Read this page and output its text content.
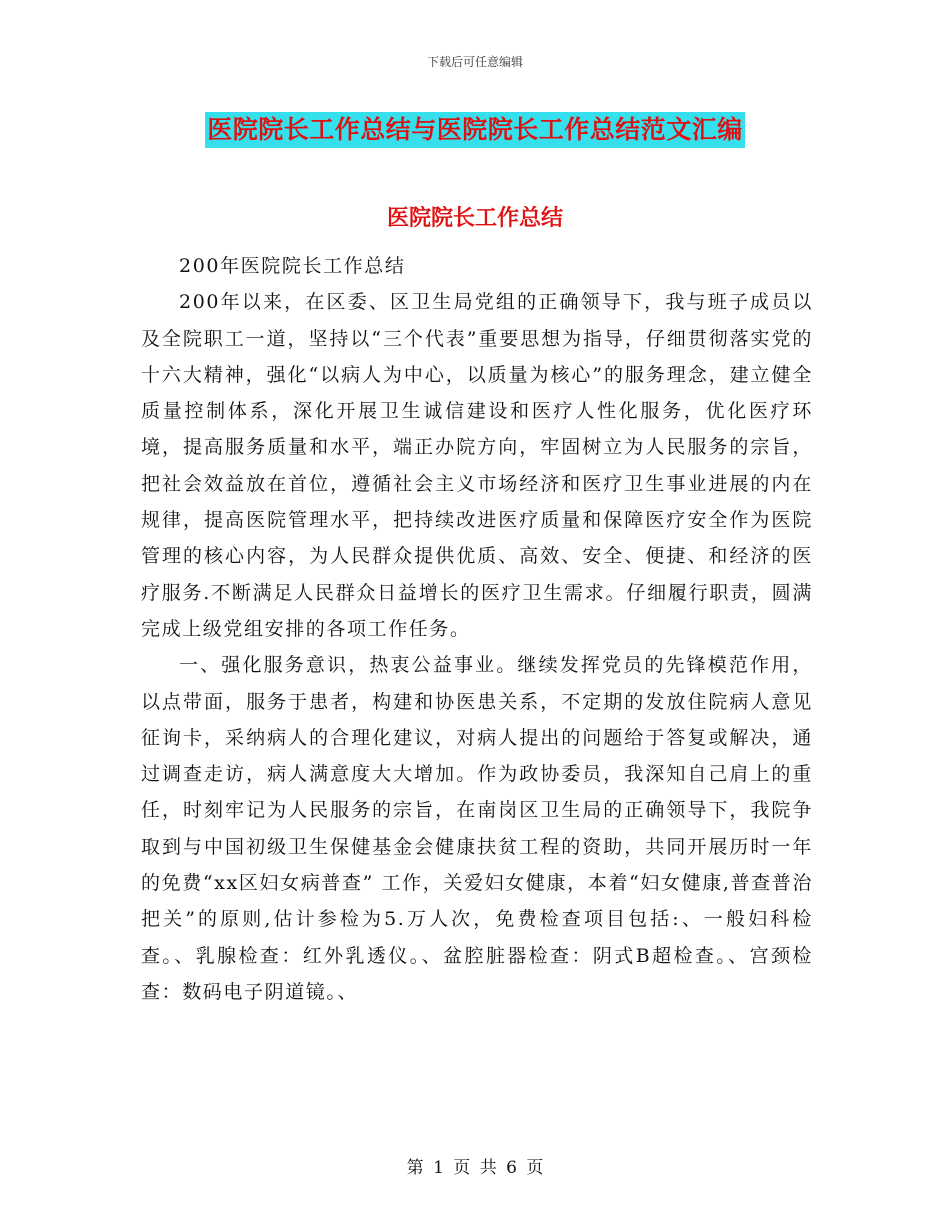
下载后可任意编辑
医院院长工作总结与医院院长工作总结范文汇编
医院院长工作总结

200年医院院长工作总结

200年以来，在区委、区卫生局党组的正确领导下，我与班子成员以及全院职工一道，坚持以“三个代表”重要思想为指导，仔细贯彻落实党的十六大精神，强化“以病人为中心，以质量为核心”的服务理念，建立健全质量控制体系，深化开展卫生诚信建设和医疗人性化服务，优化医疗环境，提高服务质量和水平，端正办院方向，牢固树立为人民服务的宗旨，把社会效益放在首位，遵循社会主义市场经济和医疗卫生事业进展的内在规律，提高医院管理水平，把持续改进医疗质量和保障医疗安全作为医院管理的核心内容，为人民群众提供优质、高效、安全、便捷、和经济的医疗服务.不断满足人民群众日益增长的医疗卫生需求。仔细履行职责，圆满完成上级党组安排的各项工作任务。

一、强化服务意识，热衷公益事业。继续发挥党员的先锋模范作用，以点带面，服务于患者，构建和协医患关系，不定期的发放住院病人意见征询卡，采纳病人的合理化建议，对病人提出的问题给于答复或解决，通过调查走访，病人满意度大大增加。作为政协委员，我深知自己肩上的重任，时刻牢记为人民服务的宗旨，在南岗区卫生局的正确领导下，我院争取到与中国初级卫生保健基金会健康扶贫工程的资助，共同开展历时一年的免费“xx区妇女病普查” 工作，关爱妇女健康，本着“妇女健康,普查普治把关”的原则,估计参检为5.万人次，免费检查项目包括:、一般妇科检查。、乳腺检查：红外乳透仪。、盆腔脏器检查：阴式B超检查。、宫颈检查：数码电子阴道镜。、

第 1 页 共 6 页
